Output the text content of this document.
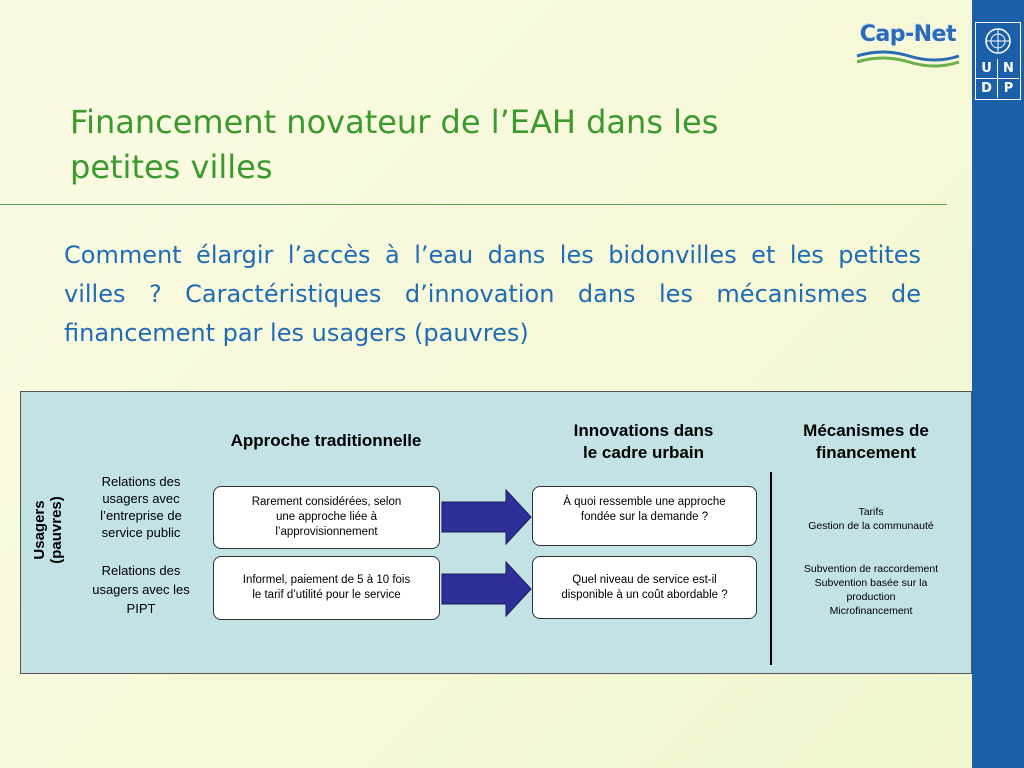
U N
D P
Cap-Net
Financement novateur de l’EAH dans les
petites villes
Comment élargir l’accès à l’eau dans les bidonvilles et les petites villes ? Caractéristiques d’innovation dans les mécanismes de financement par les usagers (pauvres)
Usagers (pauvres)
Relations des
usagers avec
l’entreprise de
service public
Relations des
usagers avec les
PIPT
Approche traditionnelle
Innovations dans
le cadre urbain
Mécanismes de
financement
Rarement considérées, selon
une approche liée à
l’approvisionnement
Informel, paiement de 5 à 10 fois
le tarif d’utilité pour le service
À quoi ressemble une approche
fondée sur la demande ?
Quel niveau de service est-il
disponible à un coût abordable ?
Tarifs
Gestion de la communauté
Subvention de raccordement
Subvention basée sur la
production
Microfinancement
